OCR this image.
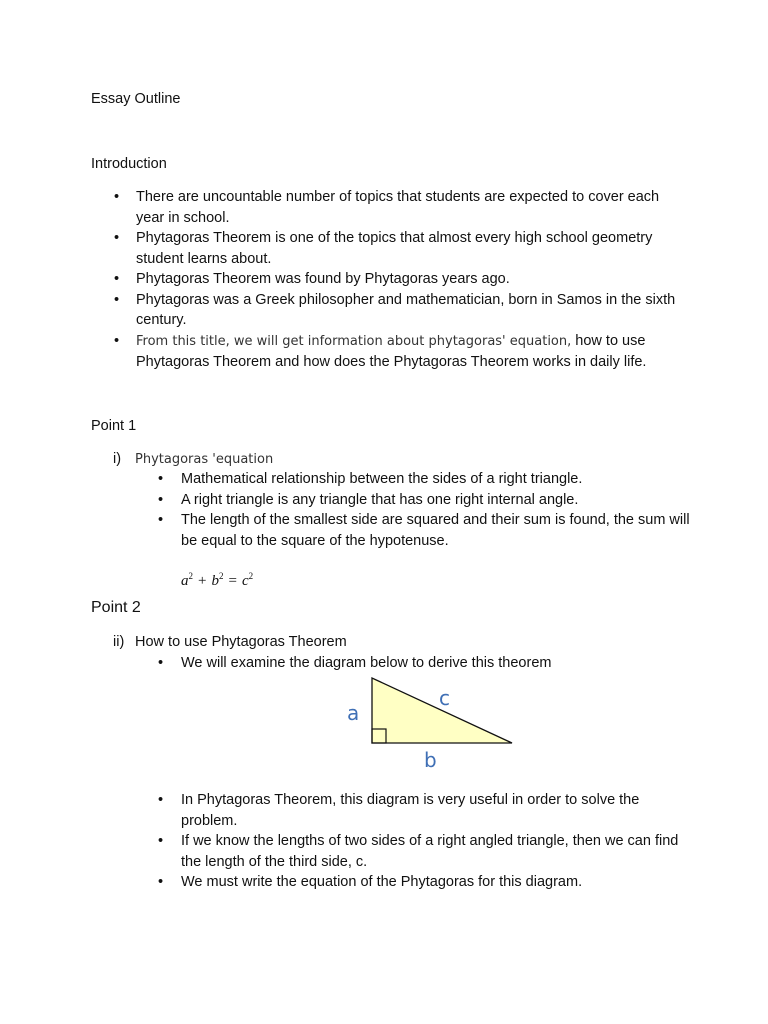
Essay Outline
Introduction
• There are uncountable number of topics that students are expected to cover each year in school.
• Phytagoras Theorem is one of the topics that almost every high school geometry student learns about.
• Phytagoras Theorem was found by Phytagoras years ago.
• Phytagoras was a Greek philosopher and mathematician, born in Samos in the sixth century.
• From this title, we will get information about phytagoras' equation, how to use Phytagoras Theorem and how does the Phytagoras Theorem works in daily life.
Point 1
i) Phytagoras 'equation
• Mathematical relationship between the sides of a right triangle.
• A right triangle is any triangle that has one right internal angle.
• The length of the smallest side are squared and their sum is found, the sum will be equal to the square of the hypotenuse.
$a^2 + b^2 = c^2$
Point 2
ii) How to use Phytagoras Theorem
• We will examine the diagram below to derive this theorem
a
c
b
• In Phytagoras Theorem, this diagram is very useful in order to solve the problem.
• If we know the lengths of two sides of a right angled triangle, then we can find the length of the third side, c.
• We must write the equation of the Phytagoras for this diagram.
